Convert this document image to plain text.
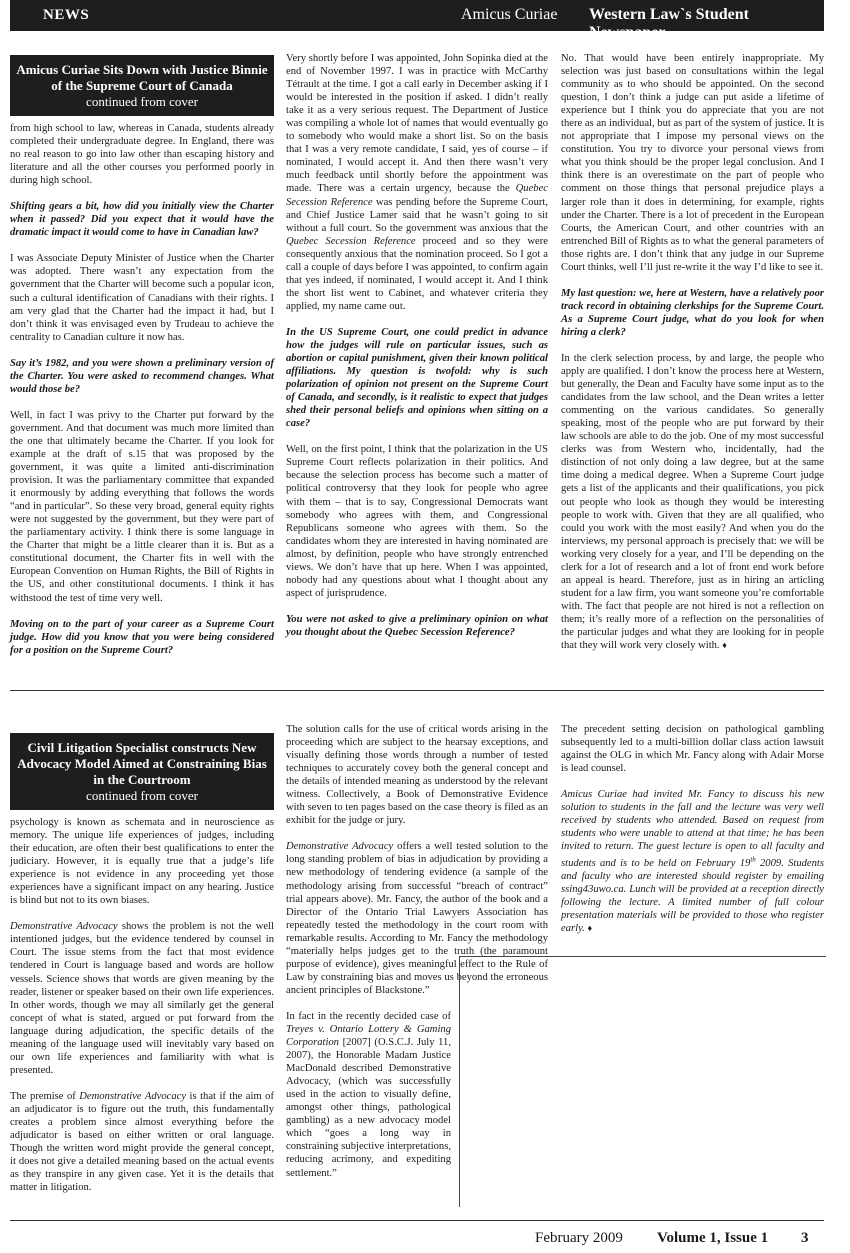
NEWS	Amicus Curiae Western Law`s Student Newspaper
Amicus Curiae Sits Down with Justice Binnie of the Supreme Court of Canada
continued from cover

from high school to law, whereas in Canada, students already completed their undergraduate degree. In England, there was no real reason to go into law other than escaping history and literature and all the other courses you performed poorly in during high school.

Shifting gears a bit, how did you initially view the Charter when it passed? Did you expect that it would have the dramatic impact it would come to have in Canadian law?

I was Associate Deputy Minister of Justice when the Charter was adopted. There wasn’t any expectation from the government that the Charter will become such a popular icon, such a cultural identification of Canadians with their rights. I am very glad that the Charter had the impact it had, but I don’t think it was envisaged even by Trudeau to achieve the centrality to Canadian culture it now has.

Say it’s 1982, and you were shown a preliminary version of the Charter. You were asked to recommend changes. What would those be?

Well, in fact I was privy to the Charter put forward by the government. And that document was much more limited than the one that ultimately became the Charter. If you look for example at the draft of s.15 that was proposed by the government, it was quite a limited anti-discrimination provision. It was the parliamentary committee that expanded it enormously by adding everything that follows the words “and in particular”. So these very broad, general equity rights were not suggested by the government, but they were part of the parliamentary activity. I think there is some language in the Charter that might be a little clearer than it is. But as a constitutional document, the Charter fits in well with the European Convention on Human Rights, the Bill of Rights in the US, and other constitutional documents. I think it has withstood the test of time very well.

Moving on to the part of your career as a Supreme Court judge. How did you know that you were being considered for a position on the Supreme Court?

Very shortly before I was appointed, John Sopinka died at the end of November 1997. I was in practice with McCarthy Tétrault at the time. I got a call early in December asking if I would be interested in the position if asked. I didn’t really take it as a very serious request. The Department of Justice was compiling a whole lot of names that would eventually go to somebody who would make a short list. So on the basis that I was a very remote candidate, I said, yes of course – if nominated, I would accept it. And then there wasn’t very much feedback until shortly before the appointment was made. There was a certain urgency, because the Quebec Secession Reference was pending before the Supreme Court, and Chief Justice Lamer said that he wasn’t going to sit without a full court. So the government was anxious that the Quebec Secession Reference proceed and so they were consequently anxious that the nomination proceed. So I got a call a couple of days before I was appointed, to confirm again that yes indeed, if nominated, I would accept it. And I think the short list went to Cabinet, and whatever criteria they applied, my name came out.

In the US Supreme Court, one could predict in advance how the judges will rule on particular issues, such as abortion or capital punishment, given their known political affiliations. My question is twofold: why is such polarization of opinion not present on the Supreme Court of Canada, and secondly, is it realistic to expect that judges shed their personal beliefs and opinions when sitting on a case?

Well, on the first point, I think that the polarization in the US Supreme Court reflects polarization in their politics. And because the selection process has become such a matter of political controversy that they look for people who agree with them – that is to say, Congressional Democrats want somebody who agrees with them, and Congressional Republicans someone who agrees with them. So the candidates whom they are interested in having nominated are almost, by definition, people who have strongly entrenched views. We don’t have that up here. When I was appointed, nobody had any questions about what I thought about any aspect of jurisprudence.

You were not asked to give a preliminary opinion on what you thought about the Quebec Secession Reference?

No. That would have been entirely inappropriate. My selection was just based on consultations within the legal community as to who should be appointed. On the second question, I don’t think a judge can put aside a lifetime of experience but I think you do appreciate that you are not there as an individual, but as part of the system of justice. It is not appropriate that I impose my personal views on the constitution. You try to divorce your personal views from what you think should be the proper legal conclusion. And I think there is an overestimate on the part of people who comment on those things that personal prejudice plays a larger role than it does in determining, for example, rights under the Charter. There is a lot of precedent in the European Courts, the American Court, and other countries with an entrenched Bill of Rights as to what the general parameters of those rights are. I don’t think that any judge in our Supreme Court thinks, well I’ll just re-write it the way I’d like to see it.

My last question: we, here at Western, have a relatively poor track record in obtaining clerkships for the Supreme Court. As a Supreme Court judge, what do you look for when hiring a clerk?

In the clerk selection process, by and large, the people who apply are qualified. I don’t know the process here at Western, but generally, the Dean and Faculty have some input as to the candidates from the law school, and the Dean writes a letter commenting on the various candidates. So generally speaking, most of the people who are put forward by their law schools are able to do the job. One of my most successful clerks was from Western who, incidentally, had the distinction of not only doing a law degree, but at the same time doing a medical degree. When a Supreme Court judge gets a list of the applicants and their qualifications, you pick out people who look as though they would be interesting people to work with. Given that they are all qualified, who could you work with the most easily? And when you do the interviews, my personal approach is precisely that: we will be working very closely for a year, and I’ll be depending on the clerk for a lot of research and a lot of front end work before an appeal is heard. Therefore, just as in hiring an articling student for a law firm, you want someone you’re comfortable with. The fact that people are not hired is not a reflection on them; it’s really more of a reflection on the personalities of the particular judges and what they are looking for in people that they will work very closely with. ♦

Civil Litigation Specialist constructs New Advocacy Model Aimed at Constraining Bias in the Courtroom
continued from cover

psychology is known as schemata and in neuroscience as memory. The unique life experiences of judges, including their education, are often their best qualifications to enter the judiciary. However, it is equally true that a judge’s life experience is not evidence in any proceeding yet those experiences have a significant impact on any hearing. Justice is blind but not to its own biases.

Demonstrative Advocacy shows the problem is not the well intentioned judges, but the evidence tendered by counsel in Court. The issue stems from the fact that most evidence tendered in Court is language based and words are hollow vessels. Science shows that words are given meaning by the reader, listener or speaker based on their own life experiences. In other words, though we may all similarly get the general concept of what is stated, argued or put forward from the language during adjudication, the specific details of the meaning of the language used will inevitably vary based on our own life experiences and familiarity with what is presented.

The premise of Demonstrative Advocacy is that if the aim of an adjudicator is to figure out the truth, this fundamentally creates a problem since almost everything before the adjudicator is based on either written or oral language. Though the written word might provide the general concept, it does not give a detailed meaning based on the actual events as they transpire in any given case. Yet it is the details that matter in litigation.

The solution calls for the use of critical words arising in the proceeding which are subject to the hearsay exceptions, and visually defining those words through a number of tested techniques to accurately covey both the general concept and the details of intended meaning as understood by the relevant witness. Collectively, a Book of Demonstrative Evidence with seven to ten pages based on the case theory is filed as an exhibit for the judge or jury.

Demonstrative Advocacy offers a well tested solution to the long standing problem of bias in adjudication by providing a new methodology of tendering evidence (a sample of the methodology arising from successful “breach of contract” trial appears above). Mr. Fancy, the author of the book and a Director of the Ontario Trial Lawyers Association has repeatedly tested the methodology in the court room with remarkable results. According to Mr. Fancy the methodology “materially helps judges get to the truth (the paramount purpose of evidence), gives meaningful effect to the Rule of Law by constraining bias and moves us beyond the erroneous ancient principles of Blackstone.”

In fact in the recently decided case of Treyes v. Ontario Lottery & Gaming Corporation [2007] (O.S.C.J. July 11, 2007), the Honorable Madam Justice MacDonald described Demonstrative Advocacy, (which was successfully used in the action to visually define, amongst other things, pathological gambling) as a new advocacy model which “goes a long way in constraining subjective interpretations, reducing acrimony, and expediting settlement.”

The precedent setting decision on pathological gambling subsequently led to a multi-billion dollar class action lawsuit against the OLG in which Mr. Fancy along with Adair Morse is lead counsel.

Amicus Curiae had invited Mr. Fancy to discuss his new solution to students in the fall and the lecture was very well received by students who attended. Based on request from students who were unable to attend at that time; he has been invited to return. The guest lecture is open to all faculty and students and is to be held on February 19th 2009. Students and faculty who are interested should register by emailing ssing43uwo.ca. Lunch will be provided at a reception directly following the lecture. A limited number of full colour presentation materials will be provided to those who register early. ♦

February 2009 Volume 1, Issue 1 3
